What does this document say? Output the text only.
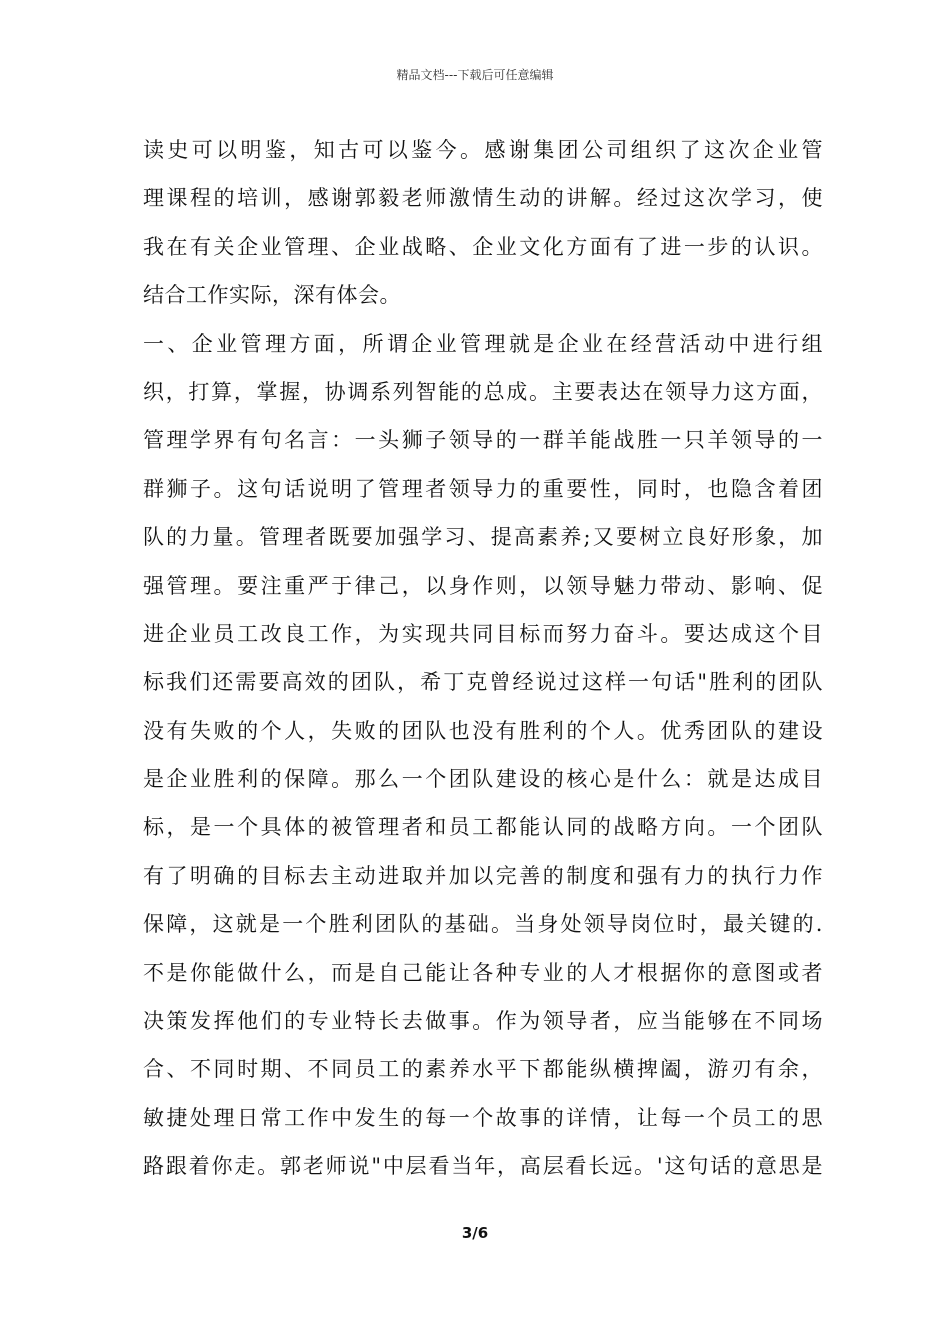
精品文档---下载后可任意编辑
读史可以明鉴，知古可以鉴今。感谢集团公司组织了这次企业管
理课程的培训，感谢郭毅老师激情生动的讲解。经过这次学习，使
我在有关企业管理、企业战略、企业文化方面有了进一步的认识。
结合工作实际，深有体会。
一、企业管理方面，所谓企业管理就是企业在经营活动中进行组
织，打算，掌握，协调系列智能的总成。主要表达在领导力这方面，
管理学界有句名言：一头狮子领导的一群羊能战胜一只羊领导的一
群狮子。这句话说明了管理者领导力的重要性，同时，也隐含着团
队的力量。管理者既要加强学习、提高素养;又要树立良好形象，加
强管理。要注重严于律己，以身作则，以领导魅力带动、影响、促
进企业员工改良工作，为实现共同目标而努力奋斗。要达成这个目
标我们还需要高效的团队，希丁克曾经说过这样一句话"胜利的团队
没有失败的个人，失败的团队也没有胜利的个人。优秀团队的建设
是企业胜利的保障。那么一个团队建设的核心是什么：就是达成目
标，是一个具体的被管理者和员工都能认同的战略方向。一个团队
有了明确的目标去主动进取并加以完善的制度和强有力的执行力作
保障，这就是一个胜利团队的基础。当身处领导岗位时，最关键的.
不是你能做什么，而是自己能让各种专业的人才根据你的意图或者
决策发挥他们的专业特长去做事。作为领导者，应当能够在不同场
合、不同时期、不同员工的素养水平下都能纵横捭阖，游刃有余，
敏捷处理日常工作中发生的每一个故事的详情，让每一个员工的思
路跟着你走。郭老师说"中层看当年，高层看长远。'这句话的意思是
3/6
